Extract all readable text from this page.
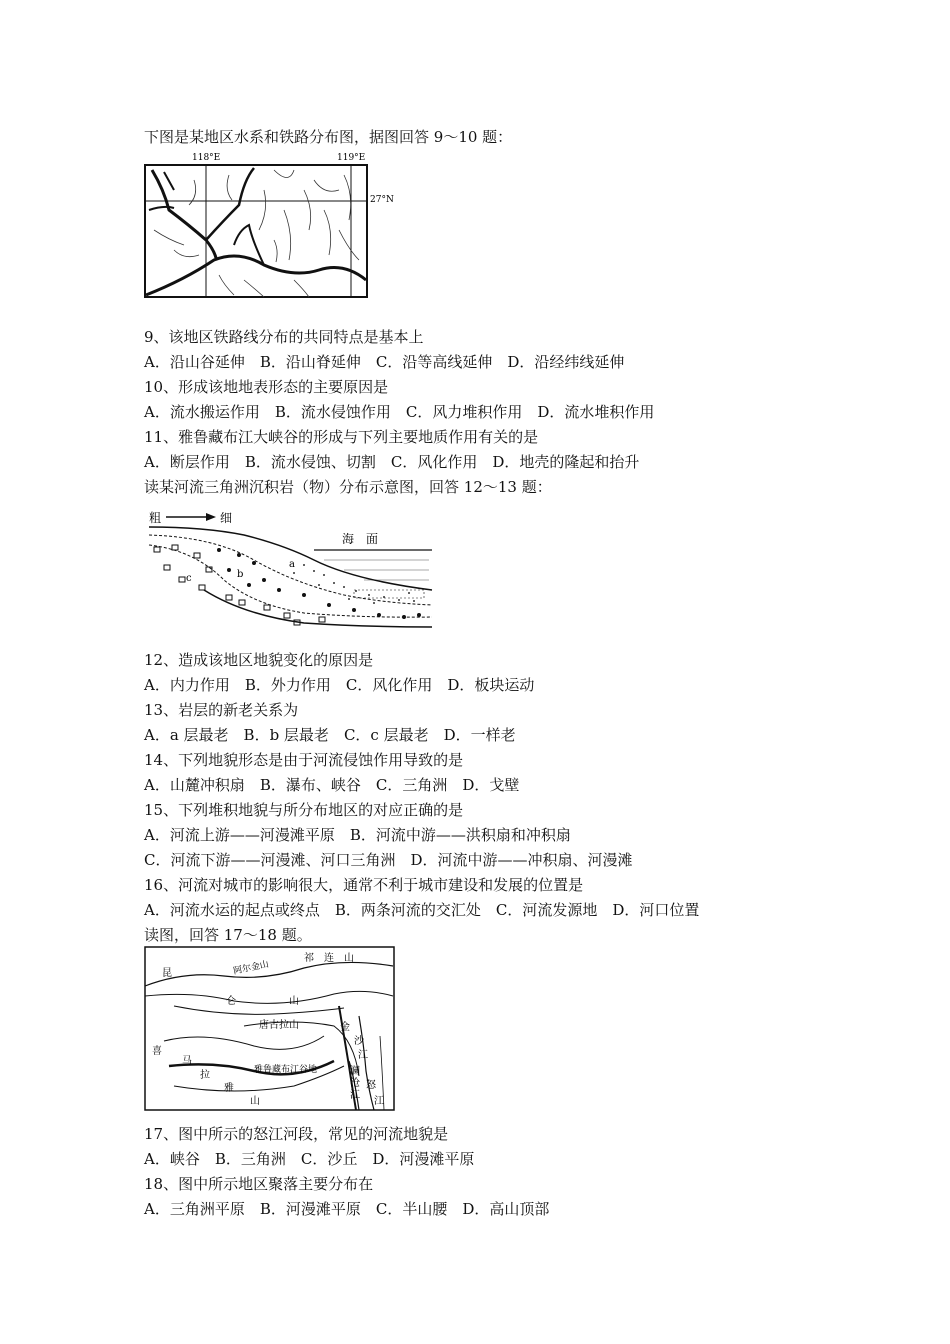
下图是某地区水系和铁路分布图，据图回答 9～10 题：
118°E	119°E
27°N
9、该地区铁路线分布的共同特点是基本上
A．沿山谷延伸　B．沿山脊延伸　C．沿等高线延伸　D．沿经纬线延伸
10、形成该地地表形态的主要原因是
A．流水搬运作用　B．流水侵蚀作用　C．风力堆积作用　D．流水堆积作用
11、雅鲁藏布江大峡谷的形成与下列主要地质作用有关的是
A．断层作用　B．流水侵蚀、切割　C．风化作用　D．地壳的隆起和抬升
读某河流三角洲沉积岩（物）分布示意图，回答 12～13 题：
粗	细
海　面
a
b
c
12、造成该地区地貌变化的原因是
A．内力作用　B．外力作用　C．风化作用　D．板块运动
13、岩层的新老关系为
A．a 层最老　B．b 层最老　C．c 层最老　D．一样老
14、下列地貌形态是由于河流侵蚀作用导致的是
A．山麓冲积扇　B．瀑布、峡谷　C．三角洲　D．戈壁
15、下列堆积地貌与所分布地区的对应正确的是
A．河流上游——河漫滩平原　B．河流中游——洪积扇和冲积扇
C．河流下游——河漫滩、河口三角洲　D．河流中游——冲积扇、河漫滩
16、河流对城市的影响很大，通常不利于城市建设和发展的位置是
A．河流水运的起点或终点　B．两条河流的交汇处　C．河流发源地　D．河口位置
读图，回答 17～18 题。
昆
仑	山
阿尔金山
祁　连　山
唐古拉山	金
沙
江
澜
沧
江
怒
江
喜
马
拉
雅
山
雅鲁藏布江谷地
17、图中所示的怒江河段，常见的河流地貌是
A．峡谷　B．三角洲　C．沙丘　D．河漫滩平原
18、图中所示地区聚落主要分布在
A．三角洲平原　B．河漫滩平原　C．半山腰　D．高山顶部
